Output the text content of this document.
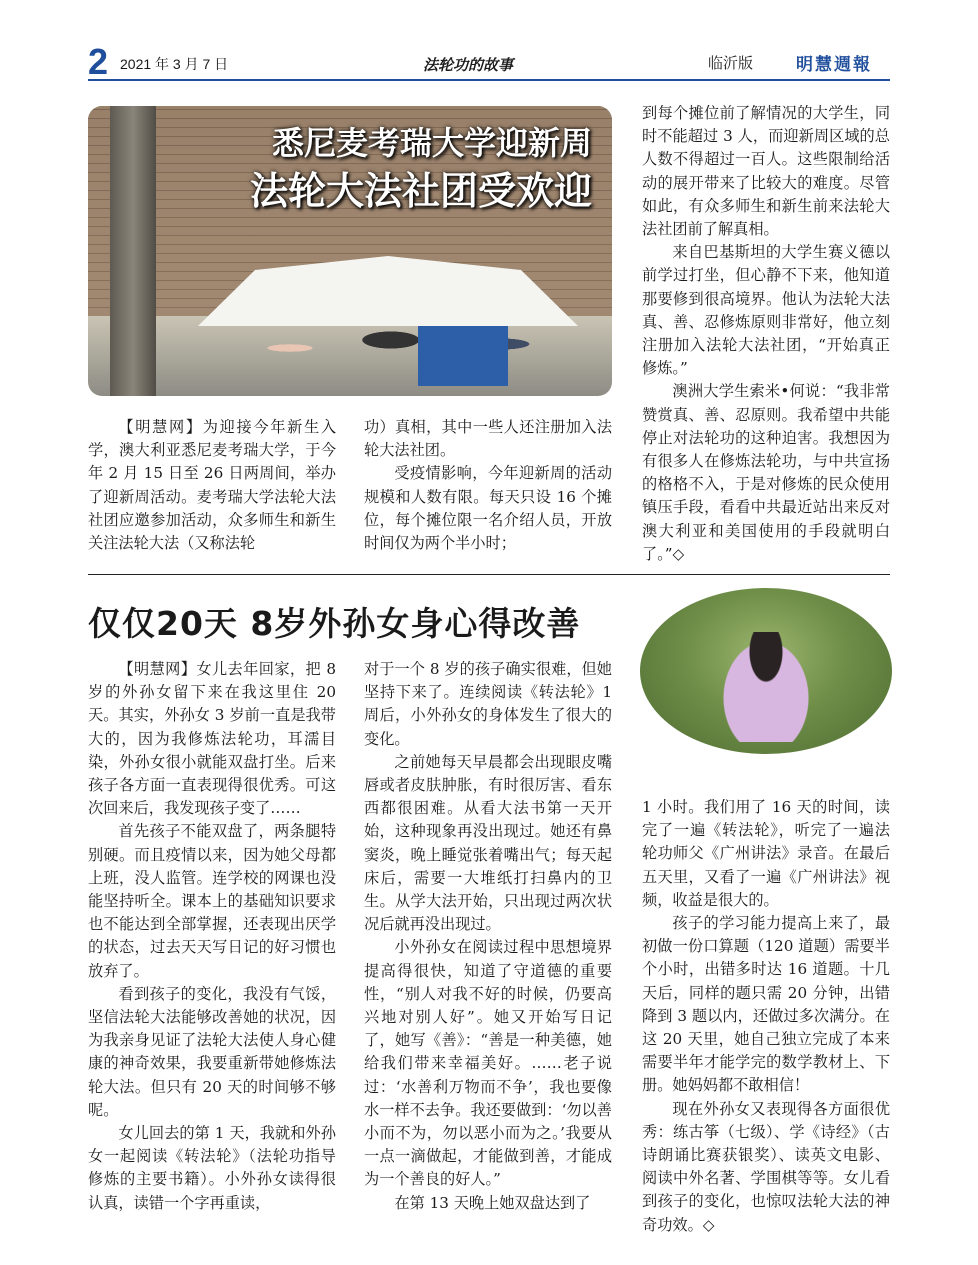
2 2021 年 3 月 7 日	法轮功的故事	临沂版	明慧週報
悉尼麦考瑞大学迎新周
法轮大法社团受欢迎

【明慧网】为迎接今年新生入学，澳大利亚悉尼麦考瑞大学，于今年 2 月 15 日至 26 日两周间，举办了迎新周活动。麦考瑞大学法轮大法社团应邀参加活动，众多师生和新生关注法轮大法（又称法轮

功）真相，其中一些人还注册加入法轮大法社团。

受疫情影响，今年迎新周的活动规模和人数有限。每天只设 16 个摊位，每个摊位限一名介绍人员，开放时间仅为两个半小时；

到每个摊位前了解情况的大学生，同时不能超过 3 人，而迎新周区域的总人数不得超过一百人。这些限制给活动的展开带来了比较大的难度。尽管如此，有众多师生和新生前来法轮大法社团前了解真相。

来自巴基斯坦的大学生赛义德以前学过打坐，但心静不下来，他知道那要修到很高境界。他认为法轮大法真、善、忍修炼原则非常好，他立刻注册加入法轮大法社团，“开始真正修炼。”

澳洲大学生索米•何说：“我非常赞赏真、善、忍原则。我希望中共能停止对法轮功的这种迫害。我想因为有很多人在修炼法轮功，与中共宣扬的格格不入，于是对修炼的民众使用镇压手段，看看中共最近站出来反对澳大利亚和美国使用的手段就明白了。”◇

仅仅20天 8岁外孙女身心得改善

【明慧网】女儿去年回家，把 8 岁的外孙女留下来在我这里住 20 天。其实，外孙女 3 岁前一直是我带大的，因为我修炼法轮功，耳濡目染，外孙女很小就能双盘打坐。后来孩子各方面一直表现得很优秀。可这次回来后，我发现孩子变了……

首先孩子不能双盘了，两条腿特别硬。而且疫情以来，因为她父母都上班，没人监管。连学校的网课也没能坚持听全。课本上的基础知识要求也不能达到全部掌握，还表现出厌学的状态，过去天天写日记的好习惯也放弃了。

看到孩子的变化，我没有气馁，坚信法轮大法能够改善她的状况，因为我亲身见证了法轮大法使人身心健康的神奇效果，我要重新带她修炼法轮大法。但只有 20 天的时间够不够呢。

女儿回去的第 1 天，我就和外孙女一起阅读《转法轮》（法轮功指导修炼的主要书籍）。小外孙女读得很认真，读错一个字再重读，

对于一个 8 岁的孩子确实很难，但她坚持下来了。连续阅读《转法轮》1 周后，小外孙女的身体发生了很大的变化。

之前她每天早晨都会出现眼皮嘴唇或者皮肤肿胀，有时很厉害、看东西都很困难。从看大法书第一天开始，这种现象再没出现过。她还有鼻窦炎，晚上睡觉张着嘴出气；每天起床后，需要一大堆纸打扫鼻内的卫生。从学大法开始，只出现过两次状况后就再没出现过。

小外孙女在阅读过程中思想境界提高得很快，知道了守道德的重要性，“别人对我不好的时候，仍要高兴地对别人好”。她又开始写日记了，她写《善》：“善是一种美德，她给我们带来幸福美好。……老子说过：‘水善利万物而不争’，我也要像水一样不去争。我还要做到：‘勿以善小而不为，勿以恶小而为之。’我要从一点一滴做起，才能做到善，才能成为一个善良的好人。”

在第 13 天晚上她双盘达到了

1 小时。我们用了 16 天的时间，读完了一遍《转法轮》，听完了一遍法轮功师父《广州讲法》录音。在最后五天里，又看了一遍《广州讲法》视频，收益是很大的。

孩子的学习能力提高上来了，最初做一份口算题（120 道题）需要半个小时，出错多时达 16 道题。十几天后，同样的题只需 20 分钟，出错降到 3 题以内，还做过多次满分。在这 20 天里，她自己独立完成了本来需要半年才能学完的数学教材上、下册。她妈妈都不敢相信！

现在外孙女又表现得各方面很优秀：练古筝（七级）、学《诗经》（古诗朗诵比赛获银奖）、读英文电影、阅读中外名著、学围棋等等。女儿看到孩子的变化，也惊叹法轮大法的神奇功效。◇
